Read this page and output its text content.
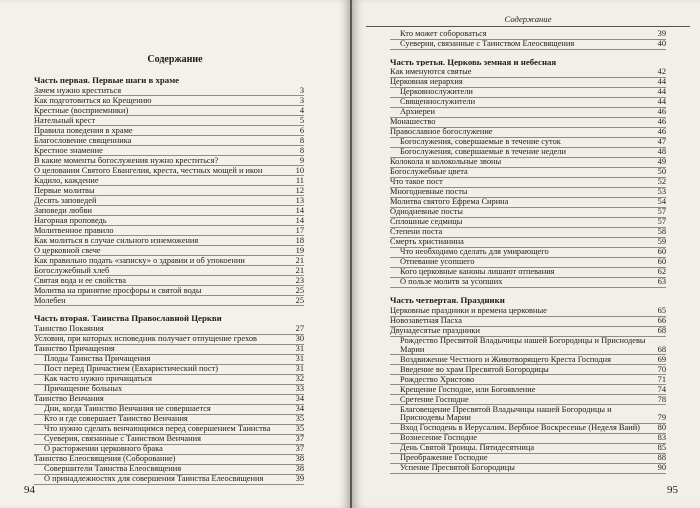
Содержание
Часть первая. Первые шаги в храме
Зачем нужно креститься	3
Как подготовиться ко Крещению	3
Крестные (восприемники)	4
Нательный крест	5
Правила поведения в храме	6
Благословение священника	8
Крестное знамение	8
В какие моменты богослужения нужно креститься?	9
О целовании Святого Евангелия, креста, честных мощей и икон	10
Кадило, каждение	11
Первые молитвы	12
Десять заповедей	13
Заповеди любви	14
Нагорная проповедь	14
Молитвенное правило	17
Как молиться в случае сильного изнеможения	18
О церковной свече	19
Как правильно подать «записку» о здравии и об упокоении	21
Богослужебный хлеб	21
Святая вода и ее свойства	23
Молитва на принятие просфоры и святой воды	25
Молебен	25
Часть вторая. Таинства Православной Церкви
Таинство Покаяния	27
Условия, при которых исповедник получает отпущение грехов	30
Таинство Причащения	31
Плоды Таинства Причащения	31
Пост перед Причастием (Евхаристический пост)	31
Как часто нужно причащаться	32
Причащение больных	33
Таинство Венчания	34
Дни, когда Таинство Венчания не совершается	34
Кто и где совершает Таинство Венчания	35
Что нужно сделать венчающимся перед совершением Таинства	35
Суеверия, связанные с Таинством Венчания	37
О расторжении церковного брака	37
Таинство Елеосвящения (Соборование)	38
Совершители Таинства Елеосвящения	38
О принадлежностях для совершения Таинства Елеосвящения	39
94
Содержание
Кто может собороваться	39
Суеверия, связанные с Таинством Елеосвящения	40
Часть третья. Церковь земная и небесная
Как именуются святые	42
Церковная иерархия	44
Церковнослужители	44
Священнослужители	44
Архиереи	46
Монашество	46
Православное богослужение	46
Богослужения, совершаемые в течение суток	47
Богослужения, совершаемые в течение недели	48
Колокола и колокольные звоны	49
Богослужебные цвета	50
Что такое пост	52
Многодневные посты	53
Молитва святого Ефрема Сирина	54
Однодневные посты	57
Сплошные седмицы	57
Степени поста	58
Смерть христианина	59
Что необходимо сделать для умирающего	60
Отпевание усопшего	60
Кого церковные каноны лишают отпевания	62
О пользе молитв за усопших	63
Часть четвертая. Праздники
Церковные праздники и времена церковные	65
Новозаветная Пасха	66
Двунадесятые праздники	68
Рождество Пресвятой Владычицы нашей Богородицы и Приснодевы Марии	68
Воздвижение Честного и Животворящего Креста Господня	69
Введение во храм Пресвятой Богородицы	70
Рождество Христово	71
Крещение Господне, или Богоявление	74
Сретение Господне	78
Благовещение Пресвятой Владычицы нашей Богородицы и Приснодевы Марии	79
Вход Господень в Иерусалим. Вербное Воскресенье (Неделя Ваий)	80
Вознесение Господне	83
День Святой Троицы. Пятидесятница	85
Преображение Господне	88
Успение Пресвятой Богородицы	90
95
